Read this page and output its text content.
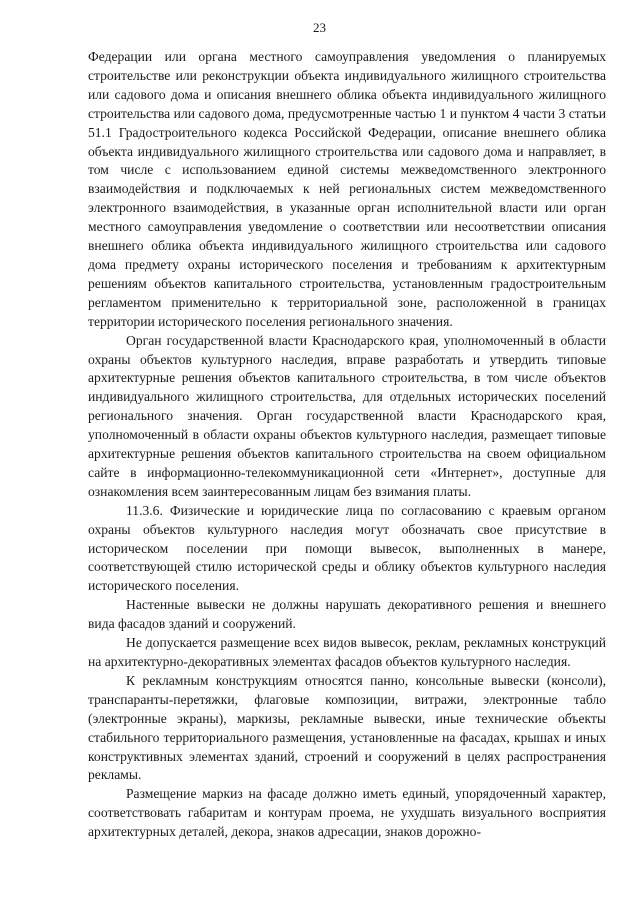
23

Федерации или органа местного самоуправления уведомления о планируемых строительстве или реконструкции объекта индивидуального жилищного строительства или садового дома и описания внешнего облика объекта индивидуального жилищного строительства или садового дома, предусмотренные частью 1 и пунктом 4 части 3 статьи 51.1 Градостроительного кодекса Российской Федерации, описание внешнего облика объекта индивидуального жилищного строительства или садового дома и направляет, в том числе с использованием единой системы межведомственного электронного взаимодействия и подключаемых к ней региональных систем межведомственного электронного взаимодействия, в указанные орган исполнительной власти или орган местного самоуправления уведомление о соответствии или несоответствии описания внешнего облика объекта индивидуального жилищного строительства или садового дома предмету охраны исторического поселения и требованиям к архитектурным решениям объектов капитального строительства, установленным градостроительным регламентом применительно к территориальной зоне, расположенной в границах территории исторического поселения регионального значения.

Орган государственной власти Краснодарского края, уполномоченный в области охраны объектов культурного наследия, вправе разработать и утвердить типовые архитектурные решения объектов капитального строительства, в том числе объектов индивидуального жилищного строительства, для отдельных исторических поселений регионального значения. Орган государственной власти Краснодарского края, уполномоченный в области охраны объектов культурного наследия, размещает типовые архитектурные решения объектов капитального строительства на своем официальном сайте в информационно-телекоммуникационной сети «Интернет», доступные для ознакомления всем заинтересованным лицам без взимания платы.

11.3.6. Физические и юридические лица по согласованию с краевым органом охраны объектов культурного наследия могут обозначать свое присутствие в историческом поселении при помощи вывесок, выполненных в манере, соответствующей стилю исторической среды и облику объектов культурного наследия исторического поселения.

Настенные вывески не должны нарушать декоративного решения и внешнего вида фасадов зданий и сооружений.

Не допускается размещение всех видов вывесок, реклам, рекламных конструкций на архитектурно-декоративных элементах фасадов объектов культурного наследия.

К рекламным конструкциям относятся панно, консольные вывески (консоли), транспаранты-перетяжки, флаговые композиции, витражи, электронные табло (электронные экраны), маркизы, рекламные вывески, иные технические объекты стабильного территориального размещения, установленные на фасадах, крышах и иных конструктивных элементах зданий, строений и сооружений в целях распространения рекламы.

Размещение маркиз на фасаде должно иметь единый, упорядоченный характер, соответствовать габаритам и контурам проема, не ухудшать визуального восприятия архитектурных деталей, декора, знаков адресации, знаков дорожно-
